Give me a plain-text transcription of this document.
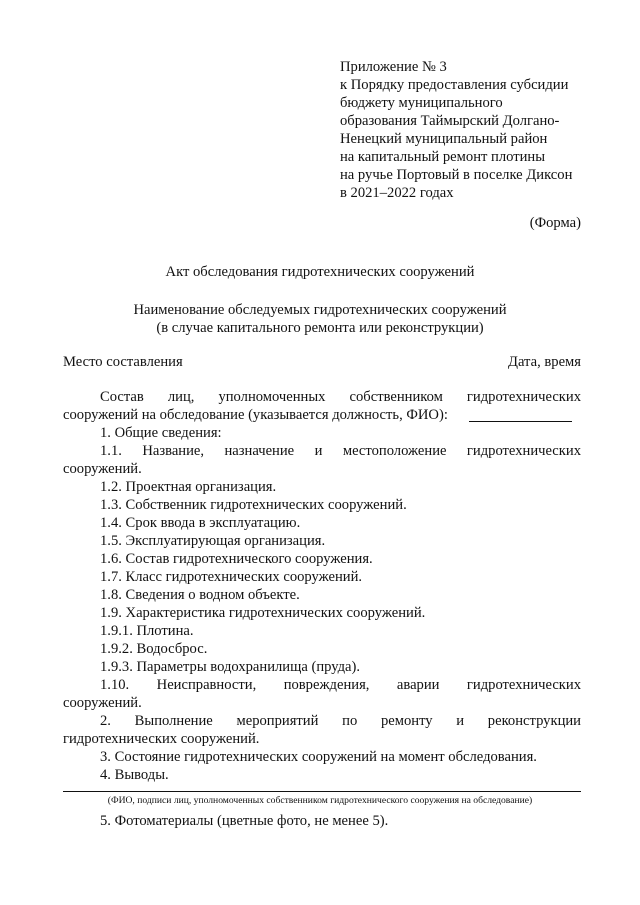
Приложение № 3
к Порядку предоставления субсидии
бюджету муниципального
образования Таймырский Долгано-
Ненецкий муниципальный район
на капитальный ремонт плотины
на ручье Портовый в поселке Диксон
в 2021–2022 годах
(Форма)
Акт обследования гидротехнических сооружений
Наименование обследуемых гидротехнических сооружений
(в случае капитального ремонта или реконструкции)
Место составления	Дата, время
Состав лиц, уполномоченных собственником гидротехнических
сооружений на обследование (указывается должность, ФИО):
1. Общие сведения:
1.1. Название, назначение и местоположение гидротехнических
сооружений.
1.2. Проектная организация.
1.3. Собственник гидротехнических сооружений.
1.4. Срок ввода в эксплуатацию.
1.5. Эксплуатирующая организация.
1.6. Состав гидротехнического сооружения.
1.7. Класс гидротехнических сооружений.
1.8. Сведения о водном объекте.
1.9. Характеристика гидротехнических сооружений.
1.9.1. Плотина.
1.9.2. Водосброс.
1.9.3. Параметры водохранилища (пруда).
1.10. Неисправности, повреждения, аварии гидротехнических
сооружений.
2. Выполнение мероприятий по ремонту и реконструкции
гидротехнических сооружений.
3. Состояние гидротехнических сооружений на момент обследования.
4. Выводы.
(ФИО, подписи лиц, уполномоченных собственником гидротехнического сооружения на обследование)
5. Фотоматериалы (цветные фото, не менее 5).
